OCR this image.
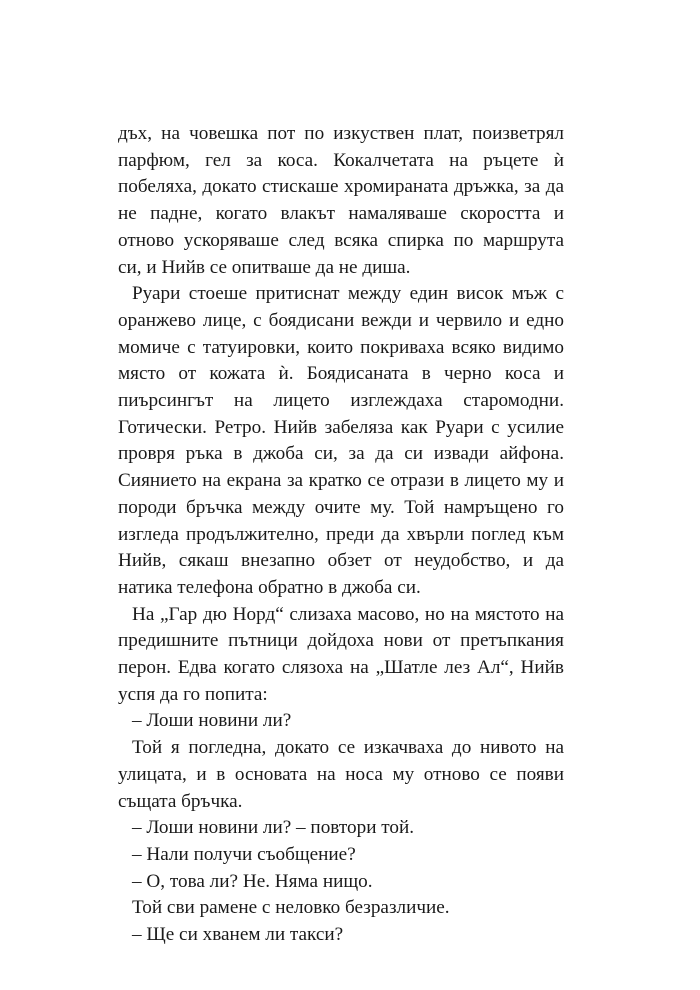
дъх, на човешка пот по изкуствен плат, поизветрял
парфюм, гел за коса. Кокалчетата на ръцете ѝ
побеляха, докато стискаше хромираната дръжка, за да
не падне, когато влакът намаляваше скоростта и
отново ускоряваше след всяка спирка по маршрута
си, и Нийв се опитваше да не диша.

Руари стоеше притиснат между един висок мъж с
оранжево лице, с боядисани вежди и червило и едно
момиче с татуировки, които покриваха всяко видимо
място от кожата ѝ. Боядисаната в черно коса и
пиърсингът на лицето изглеждаха старомодни.
Готически. Ретро. Нийв забеляза как Руари с усилие
провря ръка в джоба си, за да си извади айфона.
Сиянието на екрана за кратко се отрази в лицето му и
породи бръчка между очите му. Той намръщено го
изгледа продължително, преди да хвърли поглед към
Нийв, сякаш внезапно обзет от неудобство, и да
натика телефона обратно в джоба си.

На „Гар дю Норд“ слизаха масово, но на мястото на
предишните пътници дойдоха нови от претъпкания
перон. Едва когато слязоха на „Шатле лез Ал“, Нийв
успя да го попита:

– Лоши новини ли?

Той я погледна, докато се изкачваха до нивото на
улицата, и в основата на носа му отново се появи
същата бръчка.

– Лоши новини ли? – повтори той.

– Нали получи съобщение?

– О, това ли? Не. Няма нищо.

Той сви рамене с неловко безразличие.

– Ще си хванем ли такси?
